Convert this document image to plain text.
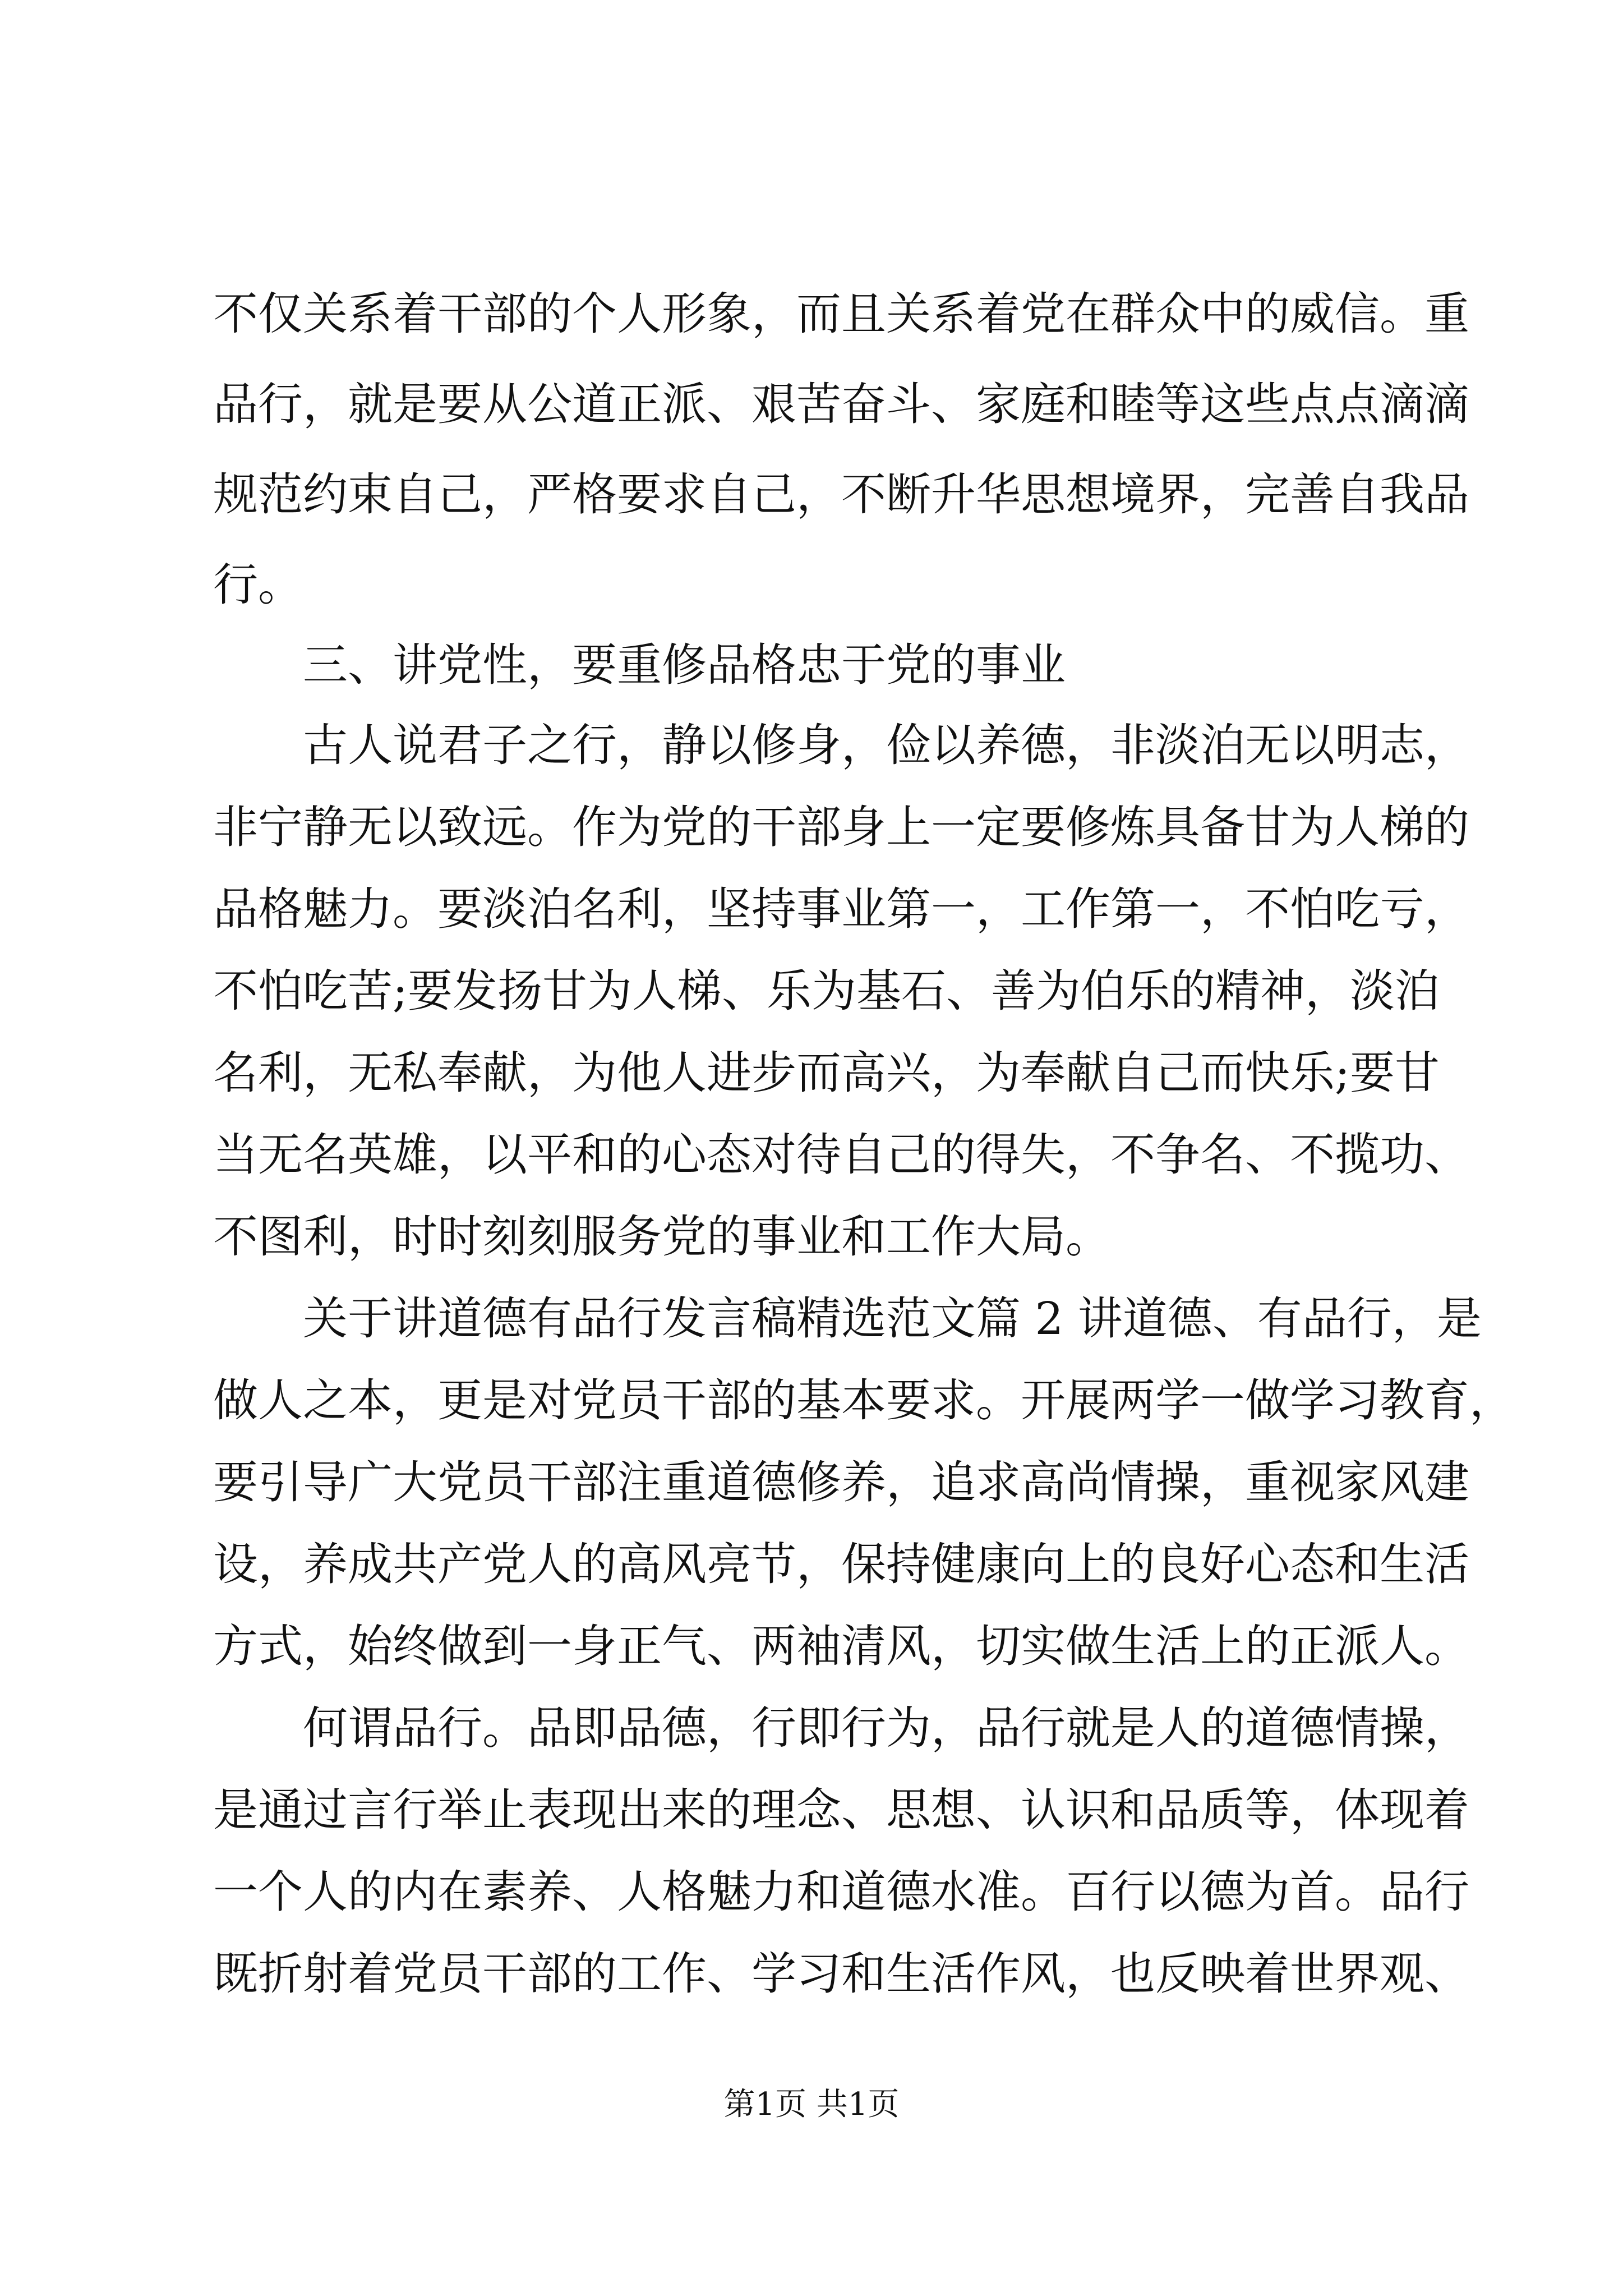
不仅关系着干部的个人形象，而且关系着党在群众中的威信。重
品行，就是要从公道正派、艰苦奋斗、家庭和睦等这些点点滴滴
规范约束自己，严格要求自己，不断升华思想境界，完善自我品
行。
三、讲党性，要重修品格忠于党的事业
古人说君子之行，静以修身，俭以养德，非淡泊无以明志，
非宁静无以致远。作为党的干部身上一定要修炼具备甘为人梯的
品格魅力。要淡泊名利，坚持事业第一，工作第一，不怕吃亏，
不怕吃苦;要发扬甘为人梯、乐为基石、善为伯乐的精神，淡泊
名利，无私奉献，为他人进步而高兴，为奉献自己而快乐;要甘
当无名英雄，以平和的心态对待自己的得失，不争名、不揽功、
不图利，时时刻刻服务党的事业和工作大局。
关于讲道德有品行发言稿精选范文篇 2 讲道德、有品行，是
做人之本，更是对党员干部的基本要求。开展两学一做学习教育，
要引导广大党员干部注重道德修养，追求高尚情操，重视家风建
设，养成共产党人的高风亮节，保持健康向上的良好心态和生活
方式，始终做到一身正气、两袖清风，切实做生活上的正派人。
何谓品行。品即品德，行即行为，品行就是人的道德情操，
是通过言行举止表现出来的理念、思想、认识和品质等，体现着
一个人的内在素养、人格魅力和道德水准。百行以德为首。品行
既折射着党员干部的工作、学习和生活作风，也反映着世界观、
第1页 共1页
